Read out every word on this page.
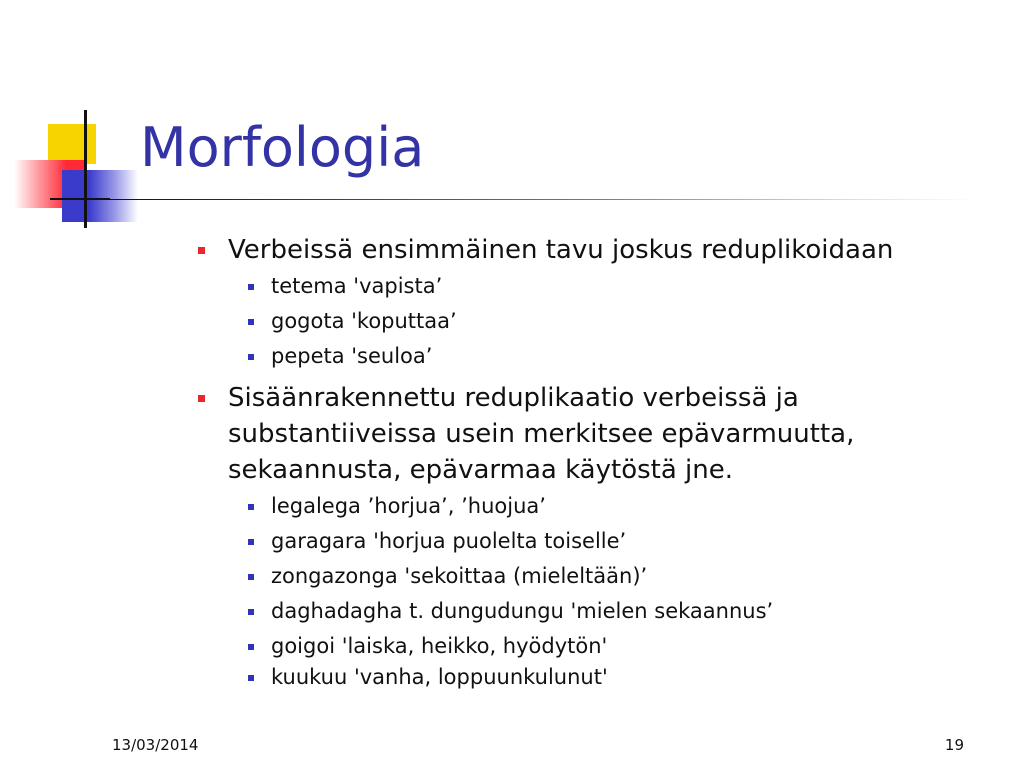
Morfologia
Verbeissä ensimmäinen tavu joskus reduplikoidaan
tetema 'vapista’
gogota 'koputtaa’
pepeta 'seuloa’
Sisäänrakennettu reduplikaatio verbeissä ja substantiiveissa usein merkitsee epävarmuutta, sekaannusta, epävarmaa käytöstä jne.
legalega ’horjua’, ’huojua’
garagara 'horjua puolelta toiselle’
zongazonga 'sekoittaa (mieleltään)’
daghadagha t. dungudungu 'mielen sekaannus’
goigoi 'laiska, heikko, hyödytön'
kuukuu 'vanha, loppuunkulunut'
13/03/2014	19
